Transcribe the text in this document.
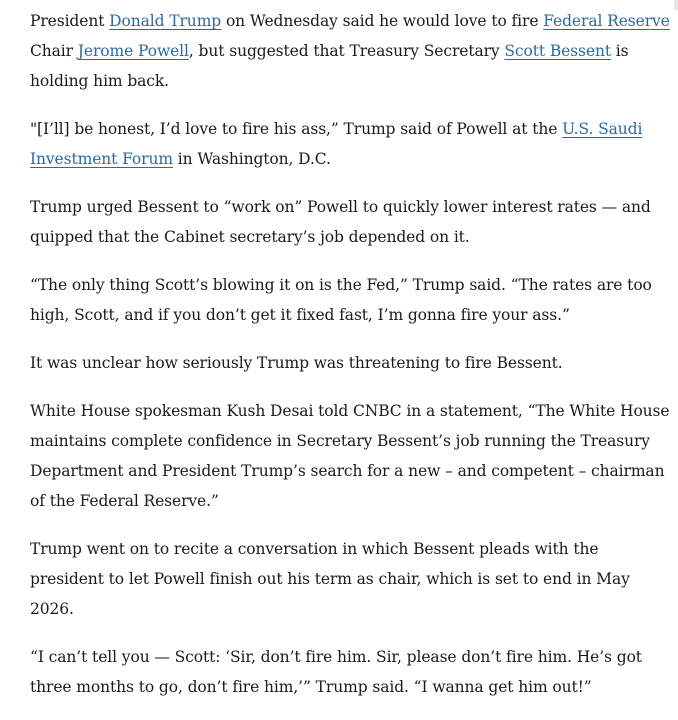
President Donald Trump on Wednesday said he would love to fire Federal Reserve Chair Jerome Powell, but suggested that Treasury Secretary Scott Bessent is holding him back.

"[I’ll] be honest, I’d love to fire his ass,” Trump said of Powell at the U.S. Saudi Investment Forum in Washington, D.C.

Trump urged Bessent to “work on” Powell to quickly lower interest rates — and quipped that the Cabinet secretary’s job depended on it.

“The only thing Scott’s blowing it on is the Fed,” Trump said. “The rates are too high, Scott, and if you don’t get it fixed fast, I’m gonna fire your ass.”

It was unclear how seriously Trump was threatening to fire Bessent.

White House spokesman Kush Desai told CNBC in a statement, “The White House maintains complete confidence in Secretary Bessent’s job running the Treasury Department and President Trump’s search for a new – and competent – chairman of the Federal Reserve.”

Trump went on to recite a conversation in which Bessent pleads with the president to let Powell finish out his term as chair, which is set to end in May 2026.

“I can’t tell you — Scott: ‘Sir, don’t fire him. Sir, please don’t fire him. He’s got three months to go, don’t fire him,’” Trump said. “I wanna get him out!”
